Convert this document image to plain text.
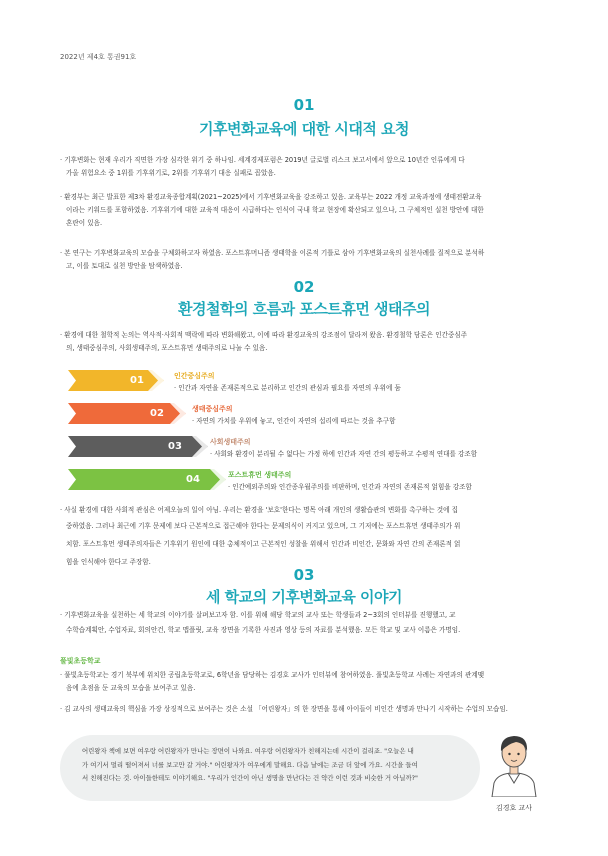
2022년 제4호 통권91호
01
기후변화교육에 대한 시대적 요청
· 기후변화는 현재 우리가 직면한 가장 심각한 위기 중 하나임. 세계경제포럼은 2019년 글로벌 리스크 보고서에서 앞으로 10년간 인류에게 다
가올 위험요소 중 1위를 기후위기로, 2위를 기후위기 대응 실패로 꼽았음.
· 환경부는 최근 발표한 제3차 환경교육종합계획(2021~2025)에서 기후변화교육을 강조하고 있음. 교육부는 2022 개정 교육과정에 생태전환교육
이라는 키워드를 포함하였음. 기후위기에 대한 교육적 대응이 시급하다는 인식이 국내 학교 현장에 확산되고 있으나, 그 구체적인 실천 방안에 대한
혼란이 있음.
· 본 연구는 기후변화교육의 모습을 구체화하고자 하였음. 포스트휴머니즘 생태학을 이론적 기틀로 삼아 기후변화교육의 실천사례를 질적으로 분석하
고, 이를 토대로 실천 방안을 탐색하였음.
02
환경철학의 흐름과 포스트휴먼 생태주의
· 환경에 대한 철학적 논의는 역사적·사회적 맥락에 따라 변화해왔고, 이에 따라 환경교육의 강조점이 달라져 왔음. 환경철학 담론은 인간중심주
의, 생태중심주의, 사회생태주의, 포스트휴먼 생태주의로 나눌 수 있음.
01	인간중심주의
· 인간과 자연을 존재론적으로 분리하고 인간의 관심과 필요를 자연의 우위에 둠
02	생태중심주의
· 자연의 가치를 우위에 놓고, 인간이 자연의 섭리에 따르는 것을 추구함
03	사회생태주의
· 사회와 환경이 분리될 수 없다는 가정 하에 인간과 자연 간의 평등하고 수평적 연대를 강조함
04	포스트휴먼 생태주의
· 인간예외주의와 인간종우월주의를 비판하며, 인간과 자연의 존재론적 얽힘을 강조함
· 사실 환경에 대한 사회적 관심은 어제오늘의 일이 아님. 우리는 환경을 '보호'한다는 명목 아래 개인의 생활습관의 변화를 촉구하는 것에 집
중하였음. 그러나 최근에 기후 문제에 보다 근본적으로 접근해야 한다는 문제의식이 커지고 있으며, 그 기저에는 포스트휴먼 생태주의가 위
치함. 포스트휴먼 생태주의자들은 기후위기 원인에 대한 총체적이고 근본적인 성찰을 위해서 인간과 비인간, 문화와 자연 간의 존재론적 얽
힘을 인식해야 한다고 주장함.
03
세 학교의 기후변화교육 이야기
· 기후변화교육을 실천하는 세 학교의 이야기를 살펴보고자 함. 이를 위해 해당 학교의 교사 또는 학생들과 2~3회의 인터뷰를 진행했고, 교
수학습계획안, 수업자료, 회의안건, 학교 맵플릿, 교육 장면을 기록한 사진과 영상 등의 자료를 분석했음. 모든 학교 및 교사 이름은 가명임.
풀빛초등학교
· 풀빛초등학교는 경기 북부에 위치한 공립초등학교로, 6학년을 담당하는 김경호 교사가 인터뷰에 참여하였음. 풀빛초등학교 사례는 자연과의 관계맺
음에 초점을 둔 교육의 모습을 보여주고 있음.
· 김 교사의 생태교육의 핵심을 가장 상징적으로 보여주는 것은 소설 「어린왕자」의 한 장면을 통해 아이들이 비인간 생명과 만나기 시작하는 수업의 모습임.
어린왕자 책에 보면 여우랑 어린왕자가 만나는 장면이 나와요. 여우랑 어린왕자가 친해지는데 시간이 걸리죠. "오늘은 내
가 여기서 멀리 떨어져서 너를 보고만 갈 거야." 어린왕자가 여우에게 말해요. 다음 날에는 조금 더 앞에 가요. 시간을 들여
서 친해진다는 것. 아이들한테도 이야기해요. "우리가 인간이 아닌 생명을 만난다는 건 약간 이런 것과 비슷한 거 아닐까?"
김경호 교사
